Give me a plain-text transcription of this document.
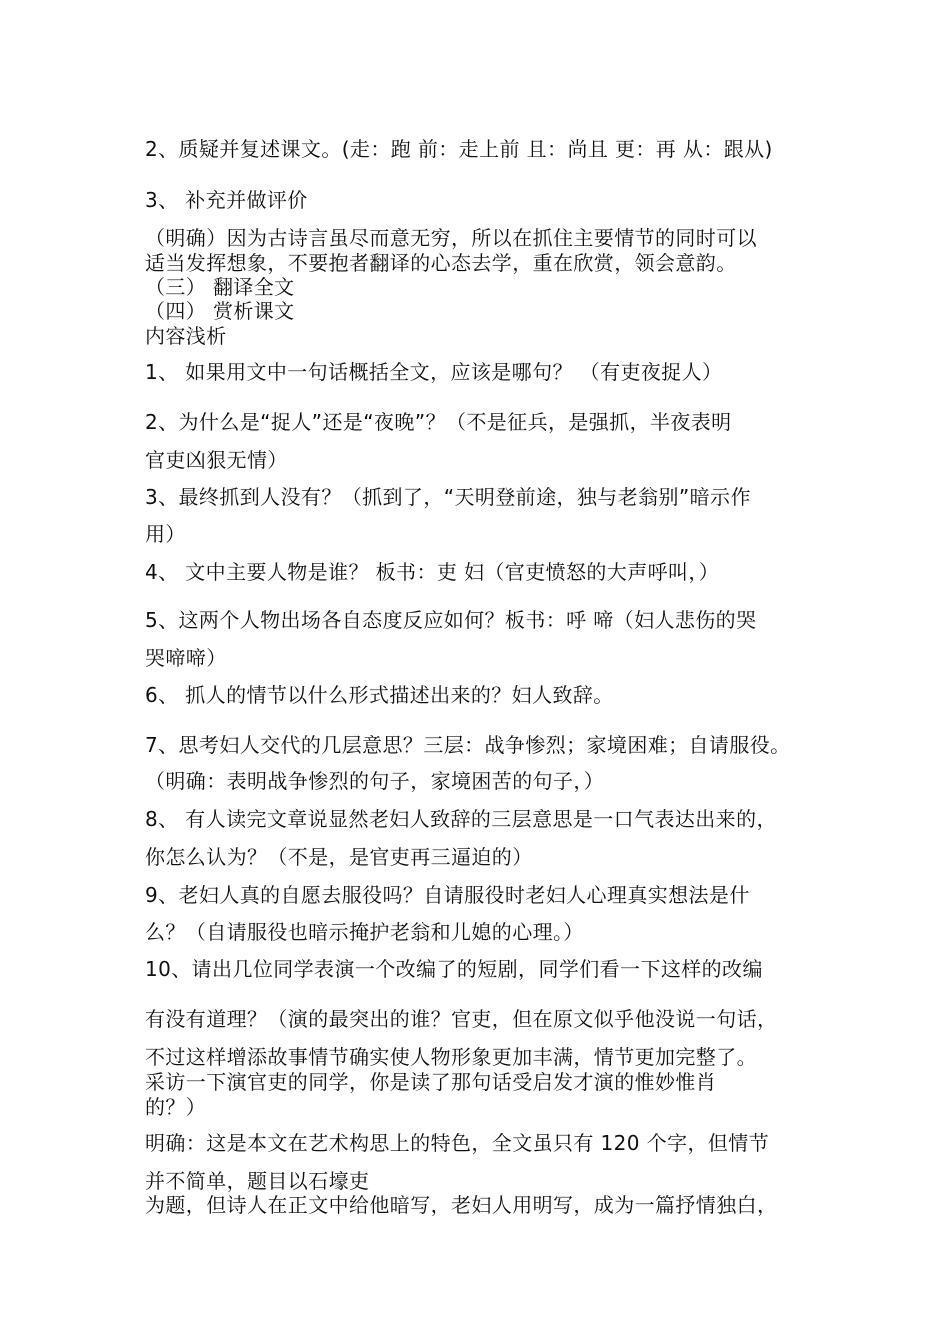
2、质疑并复述课文。(走：跑 前：走上前 且：尚且 更：再 从：跟从)

3、 补充并做评价

（明确）因为古诗言虽尽而意无穷，所以在抓住主要情节的同时可以

适当发挥想象，不要抱者翻译的心态去学，重在欣赏，领会意韵。

（三） 翻译全文

（四） 赏析课文

内容浅析

1、 如果用文中一句话概括全文，应该是哪句？ （有吏夜捉人）

2、为什么是“捉人”还是“夜晚”？（不是征兵，是强抓，半夜表明

官吏凶狠无情）

3、最终抓到人没有？（抓到了，“天明登前途，独与老翁别”暗示作

用）

4、 文中主要人物是谁？ 板书：吏 妇（官吏愤怒的大声呼叫，）

5、这两个人物出场各自态度反应如何？板书：呼 啼（妇人悲伤的哭

哭啼啼）

6、 抓人的情节以什么形式描述出来的？妇人致辞。

7、思考妇人交代的几层意思？三层：战争惨烈；家境困难；自请服役。

（明确：表明战争惨烈的句子，家境困苦的句子，）

8、 有人读完文章说显然老妇人致辞的三层意思是一口气表达出来的，

你怎么认为？（不是，是官吏再三逼迫的）

9、老妇人真的自愿去服役吗？自请服役时老妇人心理真实想法是什

么？（自请服役也暗示掩护老翁和儿媳的心理。）

10、请出几位同学表演一个改编了的短剧，同学们看一下这样的改编

有没有道理？（演的最突出的谁？官吏，但在原文似乎他没说一句话，

不过这样增添故事情节确实使人物形象更加丰满，情节更加完整了。

采访一下演官吏的同学，你是读了那句话受启发才演的惟妙惟肖

的？）

明确：这是本文在艺术构思上的特色，全文虽只有 120 个字，但情节

并不简单，题目以石壕吏

为题，但诗人在正文中给他暗写，老妇人用明写，成为一篇抒情独白，
